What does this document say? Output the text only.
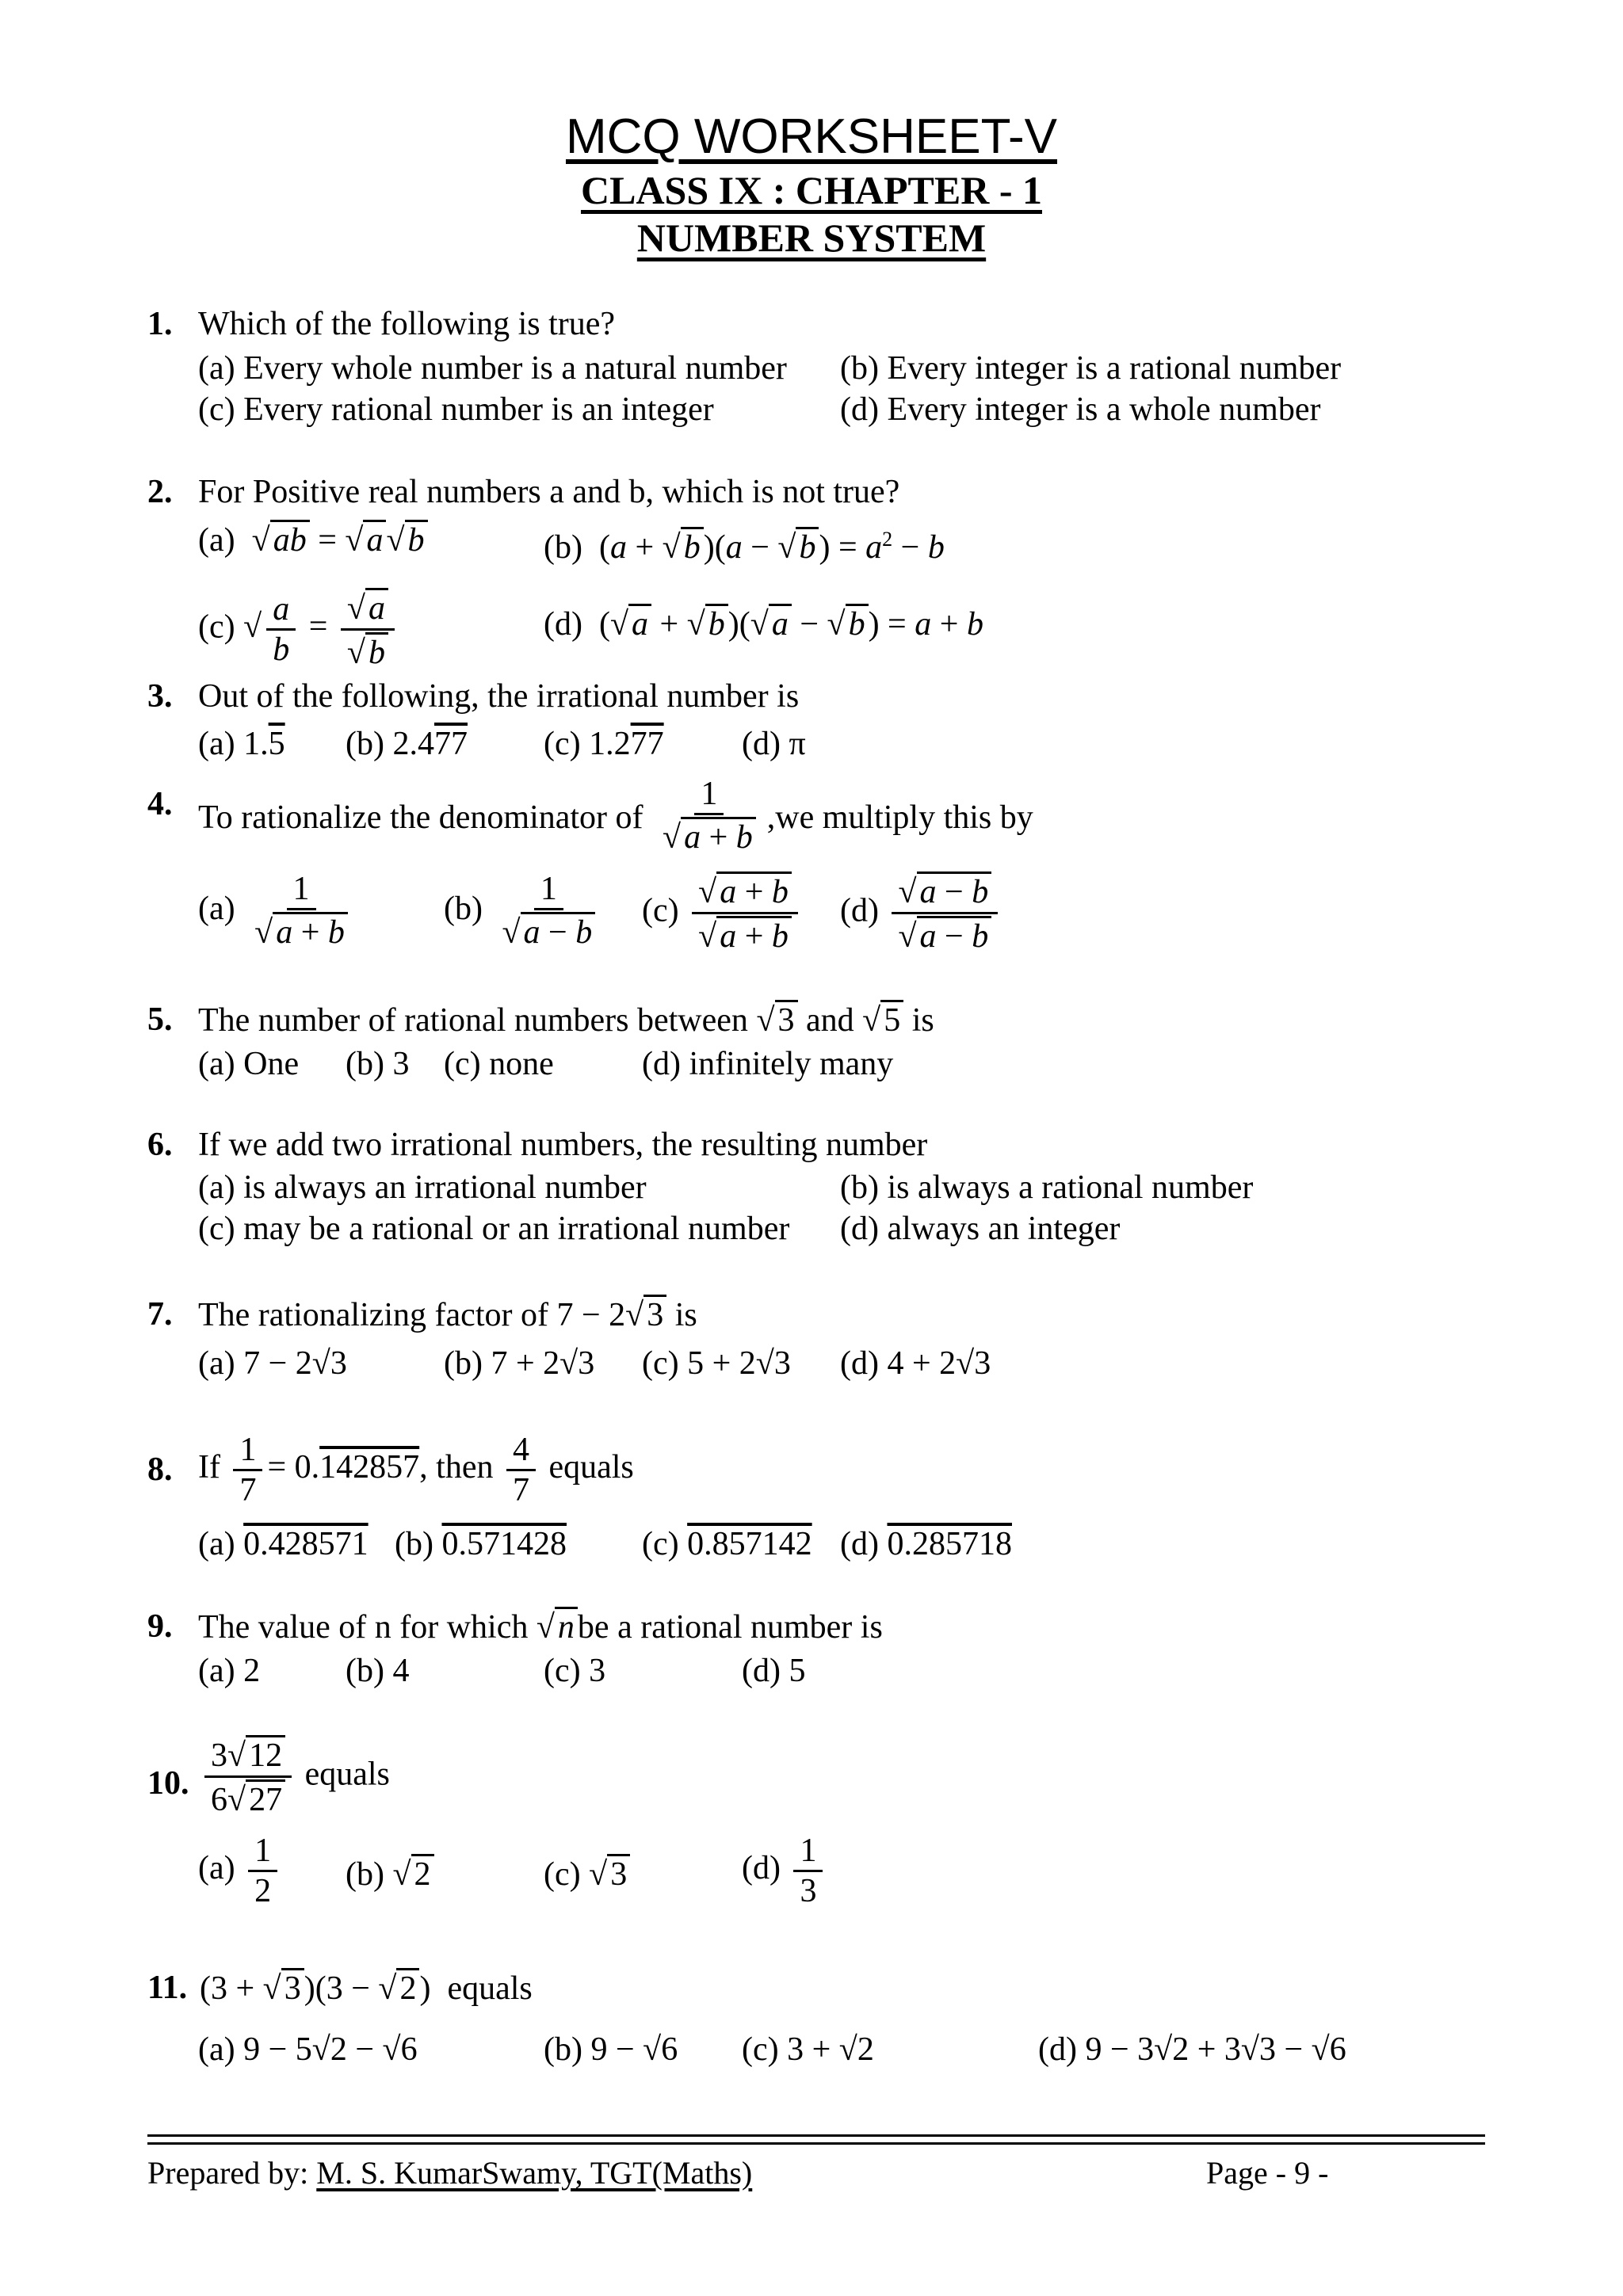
MCQ WORKSHEET-V
CLASS IX : CHAPTER - 1
NUMBER SYSTEM
1. Which of the following is true?
(a) Every whole number is a natural number (b) Every integer is a rational number
(c) Every rational number is an integer	(d) Every integer is a whole number
2. For Positive real numbers a and b, which is not true?
(a)  √ab = √a√b	(b)  $(a + √b)(a - √b) = a^2 - b$
(c) √ $\frac{a}{b} = \frac{√a}{√b}$	(d)  (√a + √b)(√a − √b) = a + b
3. Out of the following, the irrational number is
(a) 1.5 (b) 2.477 (c) 1.277 (d) π
4. To rationalize the denominator of $\frac{1}{√a + b} ,we$ multiply this by
$(a) \frac{1}{√a + b}$	$(b) \frac{1}{√a - b} (c) \frac{√a + b}{√a + b} (d) \frac{√a - b}{√a - b}$
5. The number of rational numbers between √3 and √5 is
(a) One (b) 3 (c) none	(d) infinitely many
6. If we add two irrational numbers, the resulting number
(a) is always an irrational number	(b) is always a rational number
(c) may be a rational or an irrational number (d) always an integer
7. The rationalizing factor of 7 − 2√3 is
(a) 7 − 2√3	(b) 7 + 2√3 (c) 5 + 2√3 (d) 4 + 2√3
8. If $\frac{1}{7} = 0.142857$, then $\frac{4}{7}$ equals
(a) 0.428571 (b) 0.571428 (c) 0.857142 (d) 0.285718
9. The value of n for which √nbe a rational number is
(a) 2	(b) 4	(c) 3	(d) 5
10. $\frac{3√12}{6√27}$ equals
$(a) \frac{1}{2} (b)$ √2	(c) √3	$(d) \frac{1}{3}$
11. (3 + √3)(3 − √2) equals
(a) 9 − 5√2 − √6	(b) 9 − √6 (c) 3 + √2	(d) 9 − 3√2 + 3√3 − √6
Prepared by: M. S. KumarSwamy, TGT(Maths)	Page - 9 -
